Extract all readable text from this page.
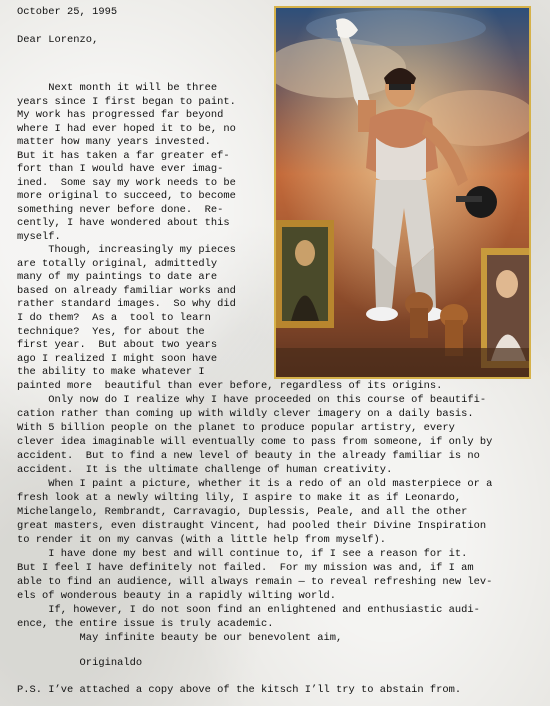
October 25, 1995
Dear Lorenzo,
Next month it will be three
years since I first began to paint.
My work has progressed far beyond
where I had ever hoped it to be, no
matter how many years invested.
But it has taken a far greater ef-
fort than I would have ever imag-
ined.  Some say my work needs to be
more original to succeed, to become
something never before done.  Re-
cently, I have wondered about this
myself.
Though, increasingly my pieces
are totally original, admittedly
many of my paintings to date are
based on already familiar works and
rather standard images.  So why did
I do them?  As a  tool to learn
technique?  Yes, for about the
first year.  But about two years
ago I realized I might soon have
the ability to make whatever I
painted more  beautiful than ever before, regardless of its origins.
Only now do I realize why I have proceeded on this course of beautifi-
cation rather than coming up with wildly clever imagery on a daily basis.
With 5 billion people on the planet to produce popular artistry, every
clever idea imaginable will eventually come to pass from someone, if only by
accident.  But to find a new level of beauty in the already familiar is no
accident.  It is the ultimate challenge of human creativity.
When I paint a picture, whether it is a redo of an old masterpiece or a
fresh look at a newly wilting lily, I aspire to make it as if Leonardo,
Michelangelo, Rembrandt, Carravagio, Duplessis, Peale, and all the other
great masters, even distraught Vincent, had pooled their Divine Inspiration
to render it on my canvas (with a little help from myself).
I have done my best and will continue to, if I see a reason for it.
But I feel I have definitely not failed.  For my mission was and, if I am
able to find an audience, will always remain — to reveal refreshing new lev-
els of wonderous beauty in a rapidly wilting world.
If, however, I do not soon find an enlightened and enthusiastic audi-
ence, the entire issue is truly academic.
May infinite beauty be our benevolent aim,
Originaldo
P.S. I’ve attached a copy above of the kitsch I’ll try to abstain from.
